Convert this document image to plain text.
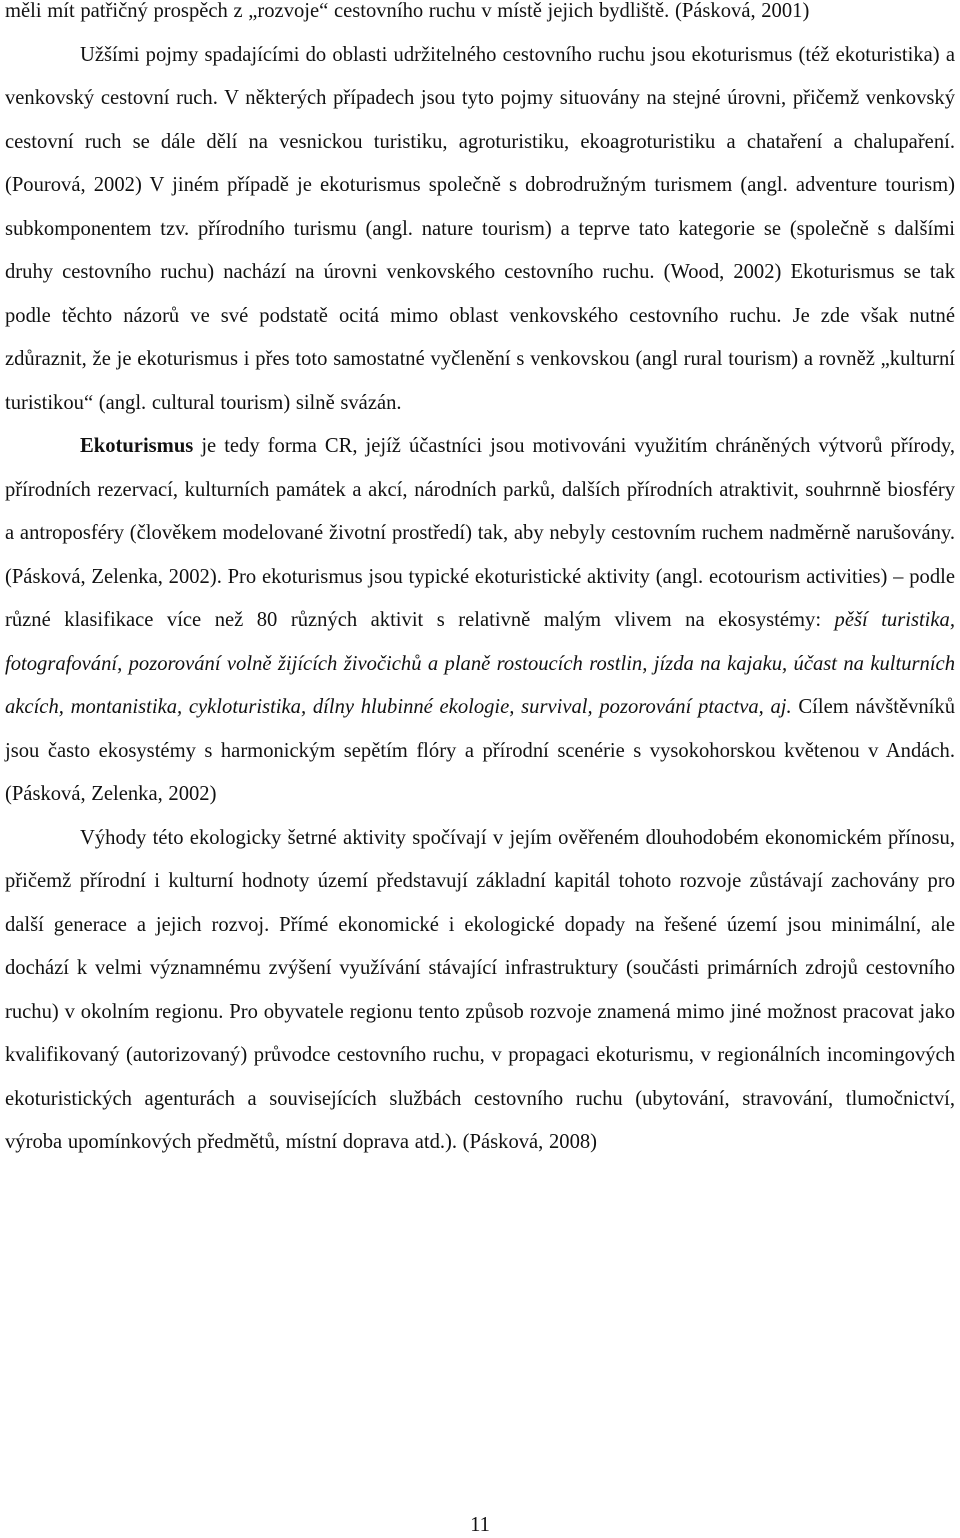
měli mít patřičný prospěch z „rozvoje“ cestovního ruchu v místě jejich bydliště. (Pásková, 2001)

Užšími pojmy spadajícími do oblasti udržitelného cestovního ruchu jsou ekoturismus (též ekoturistika) a venkovský cestovní ruch. V některých případech jsou tyto pojmy situovány na stejné úrovni, přičemž venkovský cestovní ruch se dále dělí na vesnickou turistiku, agroturistiku, ekoagroturistiku a chataření a chalupaření. (Pourová, 2002) V jiném případě je ekoturismus společně s dobrodružným turismem (angl. adventure tourism) subkomponentem tzv. přírodního turismu (angl. nature tourism) a teprve tato kategorie se (společně s dalšími druhy cestovního ruchu) nachází na úrovni venkovského cestovního ruchu. (Wood, 2002) Ekoturismus se tak podle těchto názorů ve své podstatě ocitá mimo oblast venkovského cestovního ruchu. Je zde však nutné zdůraznit, že je ekoturismus i přes toto samostatné vyčlenění s venkovskou (angl rural tourism) a rovněž „kulturní turistikou“ (angl. cultural tourism) silně svázán.

Ekoturismus je tedy forma CR, jejíž účastníci jsou motivováni využitím chráněných výtvorů přírody, přírodních rezervací, kulturních památek a akcí, národních parků, dalších přírodních atraktivit, souhrnně biosféry a antroposféry (člověkem modelované životní prostředí) tak, aby nebyly cestovním ruchem nadměrně narušovány. (Pásková, Zelenka, 2002). Pro ekoturismus jsou typické ekoturistické aktivity (angl. ecotourism activities) – podle různé klasifikace více než 80 různých aktivit s relativně malým vlivem na ekosystémy: pěší turistika, fotografování, pozorování volně žijících živočichů a planě rostoucích rostlin, jízda na kajaku, účast na kulturních akcích, montanistika, cykloturistika, dílny hlubinné ekologie, survival, pozorování ptactva, aj. Cílem návštěvníků jsou často ekosystémy s harmonickým sepětím flóry a přírodní scenérie s vysokohorskou květenou v Andách. (Pásková, Zelenka, 2002)

Výhody této ekologicky šetrné aktivity spočívají v jejím ověřeném dlouhodobém ekonomickém přínosu, přičemž přírodní i kulturní hodnoty území představují základní kapitál tohoto rozvoje zůstávají zachovány pro další generace a jejich rozvoj. Přímé ekonomické i ekologické dopady na řešené území jsou minimální, ale dochází k velmi významnému zvýšení využívání stávající infrastruktury (součásti primárních zdrojů cestovního ruchu) v okolním regionu. Pro obyvatele regionu tento způsob rozvoje znamená mimo jiné možnost pracovat jako kvalifikovaný (autorizovaný) průvodce cestovního ruchu, v propagaci ekoturismu, v regionálních incomingových ekoturistických agenturách a souvisejících službách cestovního ruchu (ubytování, stravování, tlumočnictví, výroba upomínkových předmětů, místní doprava atd.). (Pásková, 2008)

11
